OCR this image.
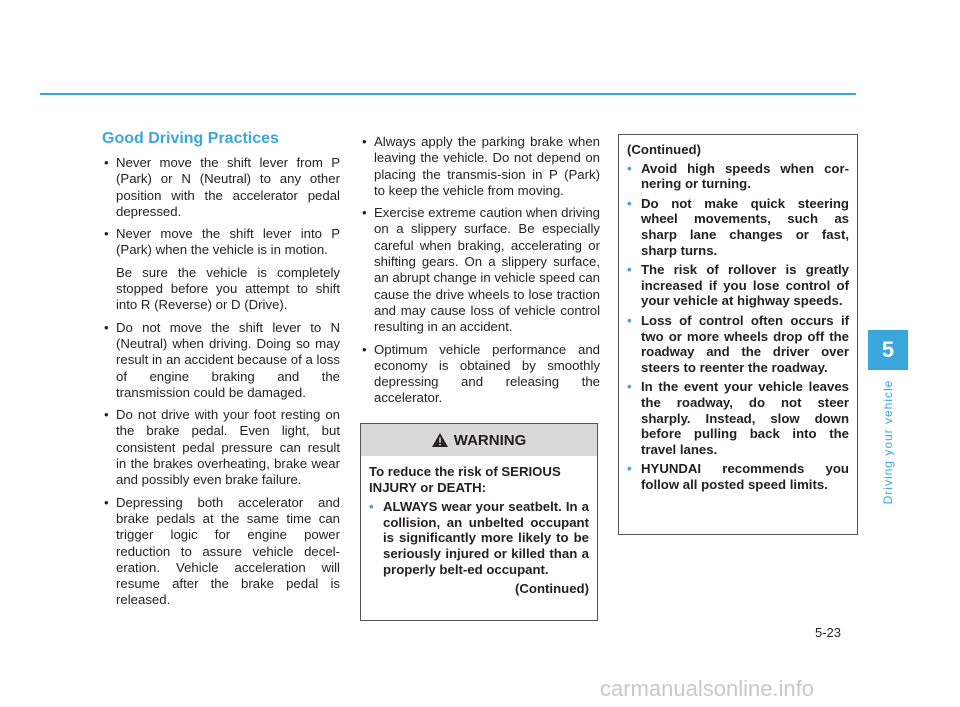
Good Driving Practices
• Never move the shift lever from P (Park) or N (Neutral) to any other position with the accelerator pedal depressed.
• Never move the shift lever into P (Park) when the vehicle is in motion.

Be sure the vehicle is completely stopped before you attempt to shift into R (Reverse) or D (Drive).

• Do not move the shift lever to N (Neutral) when driving. Doing so may result in an accident because of a loss of engine braking and the transmission could be damaged.
• Do not drive with your foot resting on the brake pedal. Even light, but consistent pedal pressure can result in the brakes overheating, brake wear and possibly even brake failure.
• Depressing both accelerator and brake pedals at the same time can trigger logic for engine power reduction to assure vehicle decel-eration. Vehicle acceleration will resume after the brake pedal is released.
• Always apply the parking brake when leaving the vehicle. Do not depend on placing the transmis-sion in P (Park) to keep the vehicle from moving.
• Exercise extreme caution when driving on a slippery surface. Be especially careful when braking, accelerating or shifting gears. On a slippery surface, an abrupt change in vehicle speed can cause the drive wheels to lose traction and may cause loss of vehicle control resulting in an accident.
• Optimum vehicle performance and economy is obtained by smoothly depressing and releasing the accelerator.
WARNING

To reduce the risk of SERIOUS INJURY or DEATH:

• ALWAYS wear your seatbelt. In a collision, an unbelted occupant is significantly more likely to be seriously injured or killed than a properly belt-ed occupant.
(Continued)

(Continued)

• Avoid high speeds when cor-nering or turning.
• Do not make quick steering wheel movements, such as sharp lane changes or fast, sharp turns.
• The risk of rollover is greatly increased if you lose control of your vehicle at highway speeds.
• Loss of control often occurs if two or more wheels drop off the roadway and the driver over steers to reenter the roadway.
• In the event your vehicle leaves the roadway, do not steer sharply. Instead, slow down before pulling back into the travel lanes.
• HYUNDAI recommends you follow all posted speed limits.
5
Driving your vehicle
5-23
carmanualsonline.info
